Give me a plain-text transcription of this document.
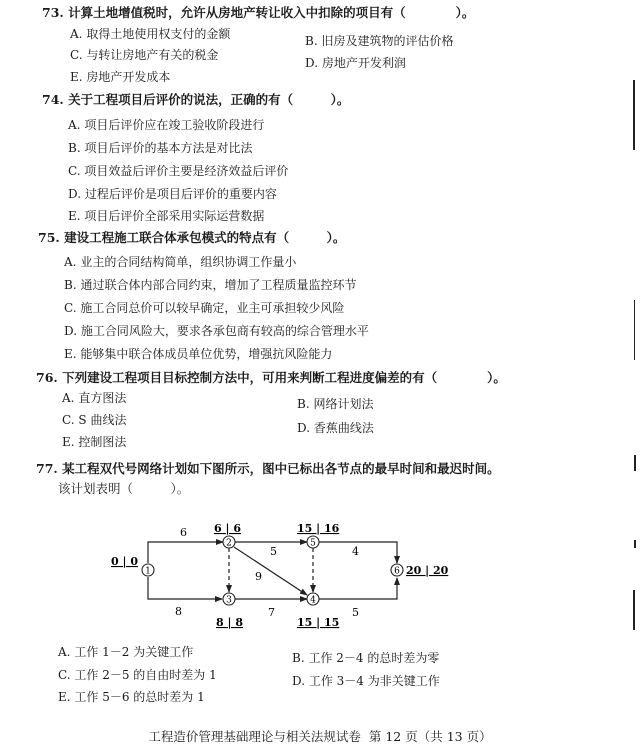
73. 计算土地增值税时，允许从房地产转让收入中扣除的项目有（　　　　）。
A. 取得土地使用权支付的金额	B. 旧房及建筑物的评估价格
C. 与转让房地产有关的税金
D. 房地产开发利润
E. 房地产开发成本
74. 关于工程项目后评价的说法，正确的有（　　　）。
A. 项目后评价应在竣工验收阶段进行
B. 项目后评价的基本方法是对比法
C. 项目效益后评价主要是经济效益后评价
D. 过程后评价是项目后评价的重要内容
E. 项目后评价全部采用实际运营数据
75. 建设工程施工联合体承包模式的特点有（　　　）。
A. 业主的合同结构简单，组织协调工作量小
B. 通过联合体内部合同约束，增加了工程质量监控环节
C. 施工合同总价可以较早确定，业主可承担较少风险
D. 施工合同风险大，要求各承包商有较高的综合管理水平
E. 能够集中联合体成员单位优势，增强抗风险能力
76. 下列建设工程项目目标控制方法中，可用来判断工程进度偏差的有（　　　　）。
A. 直方图法	B. 网络计划法
C. S 曲线法
D. 香蕉曲线法
E. 控制图法
77. 某工程双代号网络计划如下图所示，图中已标出各节点的最早时间和最迟时间。
该计划表明（　　　）。
1
2
3	4
5
6
0 | 0
6 | 6
8 | 8	15 | 15
15 | 16
20 | 20
6
8
5
9
7
4
5
A. 工作 1－2 为关键工作	B. 工作 2－4 的总时差为零
C. 工作 2－5 的自由时差为 1	D. 工作 3－4 为非关键工作
E. 工作 5－6 的总时差为 1
工程造价管理基础理论与相关法规试卷 第 12 页（共 13 页）
